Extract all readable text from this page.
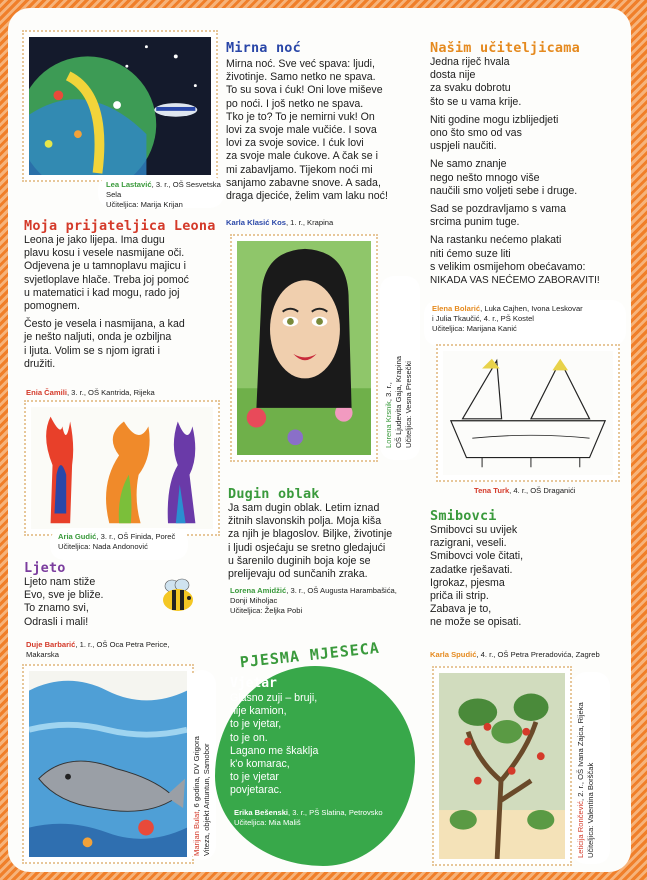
Lea Lastavić, 3. r., OŠ Sesvetska Sela
Učiteljica: Marija Krijan
Moja prijateljica Leona

Leona je jako lijepa. Ima dugu
plavu kosu i vesele nasmijane oči.
Odjevena je u tamnoplavu majicu i
svjetloplave hlače. Treba joj pomoć
u matematici i kad mogu, rado joj
pomognem.

Često je vesela i nasmijana, a kad
je nešto naljuti, onda je ozbiljna
i ljuta. Volim se s njom igrati i
družiti.

Enia Čamili, 3. r., OŠ Kantrida, Rijeka
Aria Gudić, 3. r., OŠ Finida, Poreč
Učiteljica: Nada Andonović
Ljeto
Ljeto nam stiže
Evo, sve je bliže.
To znamo svi,
Odrasli i mali!
Duje Barbarić, 1. r., OŠ Oca Petra Perice,
Makarska
Marijan Bulat, 6 godina, DV Grigora
Viteza, objekt Antuntun, Samobor
Mirna noć
Mirna noć. Sve već spava: ljudi,
životinje. Samo netko ne spava.
To su sova i ćuk! Oni love miševe
po noći. I još netko ne spava.
Tko je to? To je nemirni vuk! On
lovi za svoje male vučiće. I sova
lovi za svoje sovice. I ćuk lovi
za svoje male ćukove. A čak se i
mi zabavljamo. Tijekom noći mi
sanjamo zabavne snove. A sada,
draga djeciće, želim vam laku noć!
Karla Klasić Kos, 1. r., Krapina
Lorena Krsnik, 3. r.,
OŠ Ljudevita Gaja, Krapina
Učiteljica: Vesna Presečki
Dugin oblak
Ja sam dugin oblak. Letim iznad
žitnih slavonskih polja. Moja kiša
za njih je blagoslov. Biljke, životinje
i ljudi osjećaju se sretno gledajući
u šarenilo duginih boja koje se
prelijevaju od sunčanih zraka.
Lorena Amidžić, 3. r., OŠ Augusta Harambašića,
Donji Miholjac
Učiteljica: Željka Pobi
PJESMA MJESECA
Vjetar
Glasno zuji – bruji,
nije kamion,
to je vjetar,
to je on.
Lagano me škaklja
k'o komarac,
to je vjetar
povjetarac.
Erika Bešenski, 3. r., PŠ Slatina, Petrovsko
Učiteljica: Mia Mališ
Našim učiteljicama

Jedna riječ hvala
dosta nije
za svaku dobrotu
što se u vama krije.

Niti godine mogu izblijedjeti
ono što smo od vas
uspjeli naučiti.

Ne samo znanje
nego nešto mnogo više
naučili smo voljeti sebe i druge.

Sad se pozdravljamo s vama
srcima punim tuge.

Na rastanku nećemo plakati
niti ćemo suze liti
s velikim osmijehom obećavamo:
NIKADA VAS NEĆEMO ZABORAVITI!

Elena Bolarić, Luka Cajhen, Ivona Leskovar
i Julia Tkaučić, 4. r., PŠ Kostel
Učiteljica: Marijana Kanić
Tena Turk, 4. r., OŠ Draganići
Smibovci
Smibovci su uvijek
razigrani, veseli.
Smibovci vole čitati,
zadatke rješavati.
Igrokaz, pjesma
priča ili strip.
Zabava je to,
ne može se opisati.
Karla Spudić, 4. r., OŠ Petra Preradovića, Zagreb
Leticija Rončević, 2. r., OŠ Ivana Zajca, Rijeka
Učiteljica: Valentina Borščak
